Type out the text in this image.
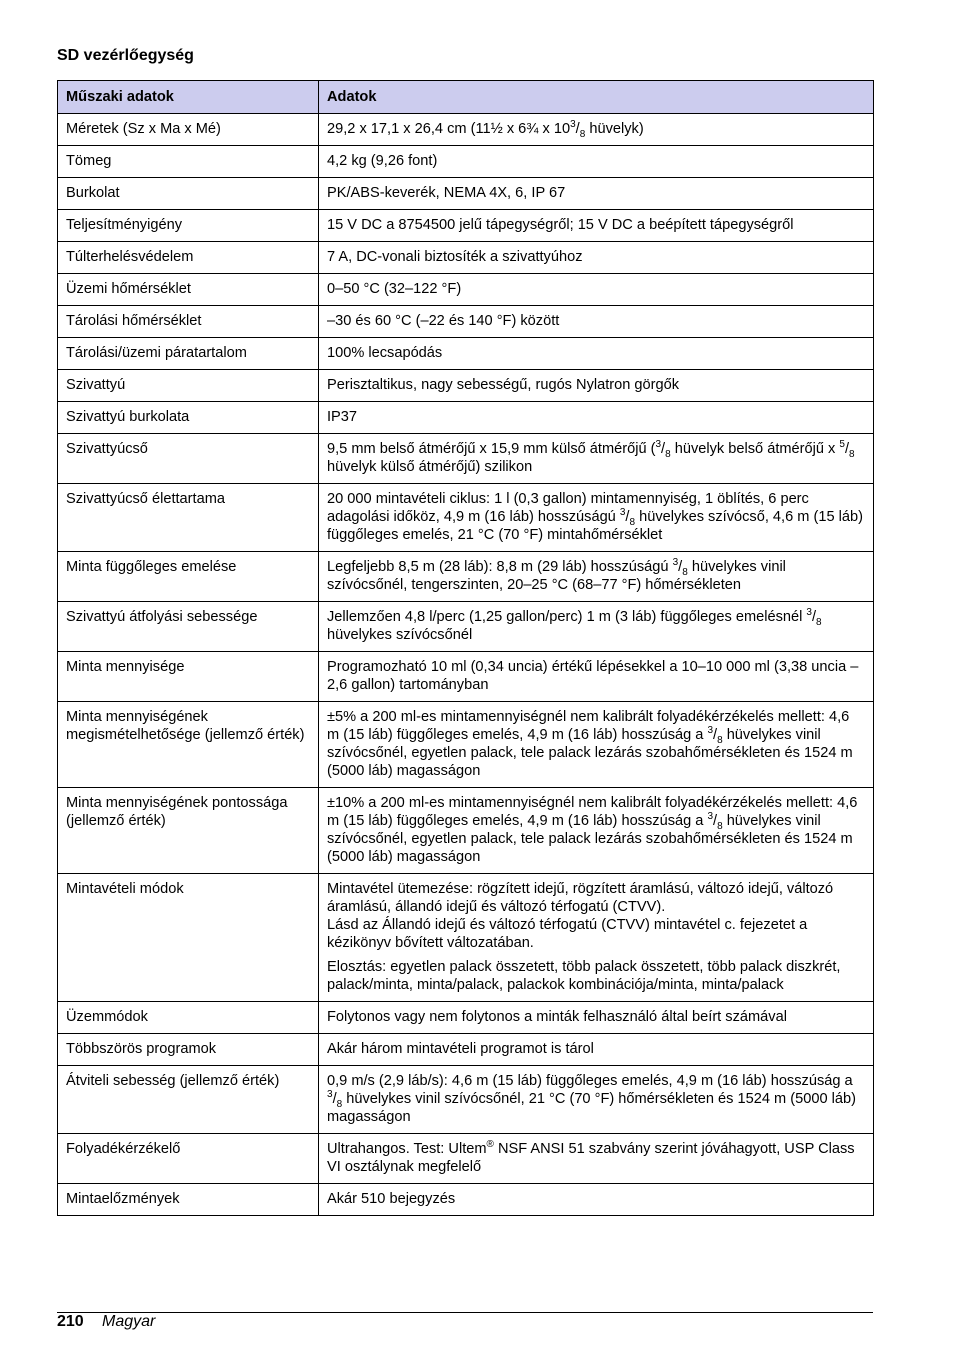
SD vezérlőegység
Műszaki adatok	Adatok
Méretek (Sz x Ma x Mé)	29,2 x 17,1 x 26,4 cm (11½ x 6¾ x $10^3/_8$ hüvelyk)
Tömeg	4,2 kg (9,26 font)
Burkolat	PK/ABS-keverék, NEMA 4X, 6, IP 67
Teljesítményigény	15 V DC a 8754500 jelű tápegységről; 15 V DC a beépített tápegységről
Túlterhelésvédelem	7 A, DC-vonali biztosíték a szivattyúhoz
Üzemi hőmérséklet	0–50 °C (32–122 °F)
Tárolási hőmérséklet	–30 és 60 °C (–22 és 140 °F) között
Tárolási/üzemi páratartalom	100% lecsapódás
Szivattyú	Perisztaltikus, nagy sebességű, rugós Nylatron görgők
Szivattyú burkolata	IP37
Szivattyúcső	9,5 mm belső átmérőjű x 15,9 mm külső átmérőjű ($^3/_8$ hüvelyk belső átmérőjű x $^5/_8$ hüvelyk külső átmérőjű) szilikon
Szivattyúcső élettartama	20 000 mintavételi ciklus: 1 l (0,3 gallon) mintamennyiség, 1 öblítés, 6 perc adagolási időköz, 4,9 m (16 láb) hosszúságú $^3/_8$ hüvelykes szívócső, 4,6 m (15 láb) függőleges emelés, 21 °C (70 °F) mintahőmérséklet
Minta függőleges emelése	Legfeljebb 8,5 m (28 láb): 8,8 m (29 láb) hosszúságú $^3/_8$ hüvelykes vinil szívócsőnél, tengerszinten, 20–25 °C (68–77 °F) hőmérsékleten
Szivattyú átfolyási sebessége	Jellemzően 4,8 l/perc (1,25 gallon/perc) 1 m (3 láb) függőleges emelésnél $^3/_8$ hüvelykes szívócsőnél
Minta mennyisége	Programozható 10 ml (0,34 uncia) értékű lépésekkel a 10–10 000 ml (3,38 uncia – 2,6 gallon) tartományban
Minta mennyiségének megismételhetősége (jellemző érték)	±5% a 200 ml-es mintamennyiségnél nem kalibrált folyadékérzékelés mellett: 4,6 m (15 láb) függőleges emelés, 4,9 m (16 láb) hosszúság a $^3/_8$ hüvelykes vinil szívócsőnél, egyetlen palack, tele palack lezárás szobahőmérsékleten és 1524 m (5000 láb) magasságon
Minta mennyiségének pontossága (jellemző érték)	±10% a 200 ml-es mintamennyiségnél nem kalibrált folyadékérzékelés mellett: 4,6 m (15 láb) függőleges emelés, 4,9 m (16 láb) hosszúság a $^3/_8$ hüvelykes vinil szívócsőnél, egyetlen palack, tele palack lezárás szobahőmérsékleten és 1524 m (5000 láb) magasságon
Mintavételi módok	Mintavétel ütemezése: rögzített idejű, rögzített áramlású, változó idejű, változó áramlású, állandó idejű és változó térfogatú (CTVV).
Lásd az Állandó idejű és változó térfogatú (CTVV) mintavétel c. fejezetet a kézikönyv bővített változatában.
Elosztás: egyetlen palack összetett, több palack összetett, több palack diszkrét, palack/minta, minta/palack, palackok kombinációja/minta, minta/palack

Üzemmódok	Folytonos vagy nem folytonos a minták felhasználó által beírt számával
Többszörös programok	Akár három mintavételi programot is tárol
Átviteli sebesség (jellemző érték)	0,9 m/s (2,9 láb/s): 4,6 m (15 láb) függőleges emelés, 4,9 m (16 láb) hosszúság a $^3/_8$ hüvelykes vinil szívócsőnél, 21 °C (70 °F) hőmérsékleten és 1524 m (5000 láb) magasságon
Folyadékérzékelő	Ultrahangos. Test: Ultem® NSF ANSI 51 szabvány szerint jóváhagyott, USP Class VI osztálynak megfelelő
Mintaelőzmények	Akár 510 bejegyzés
210 Magyar
